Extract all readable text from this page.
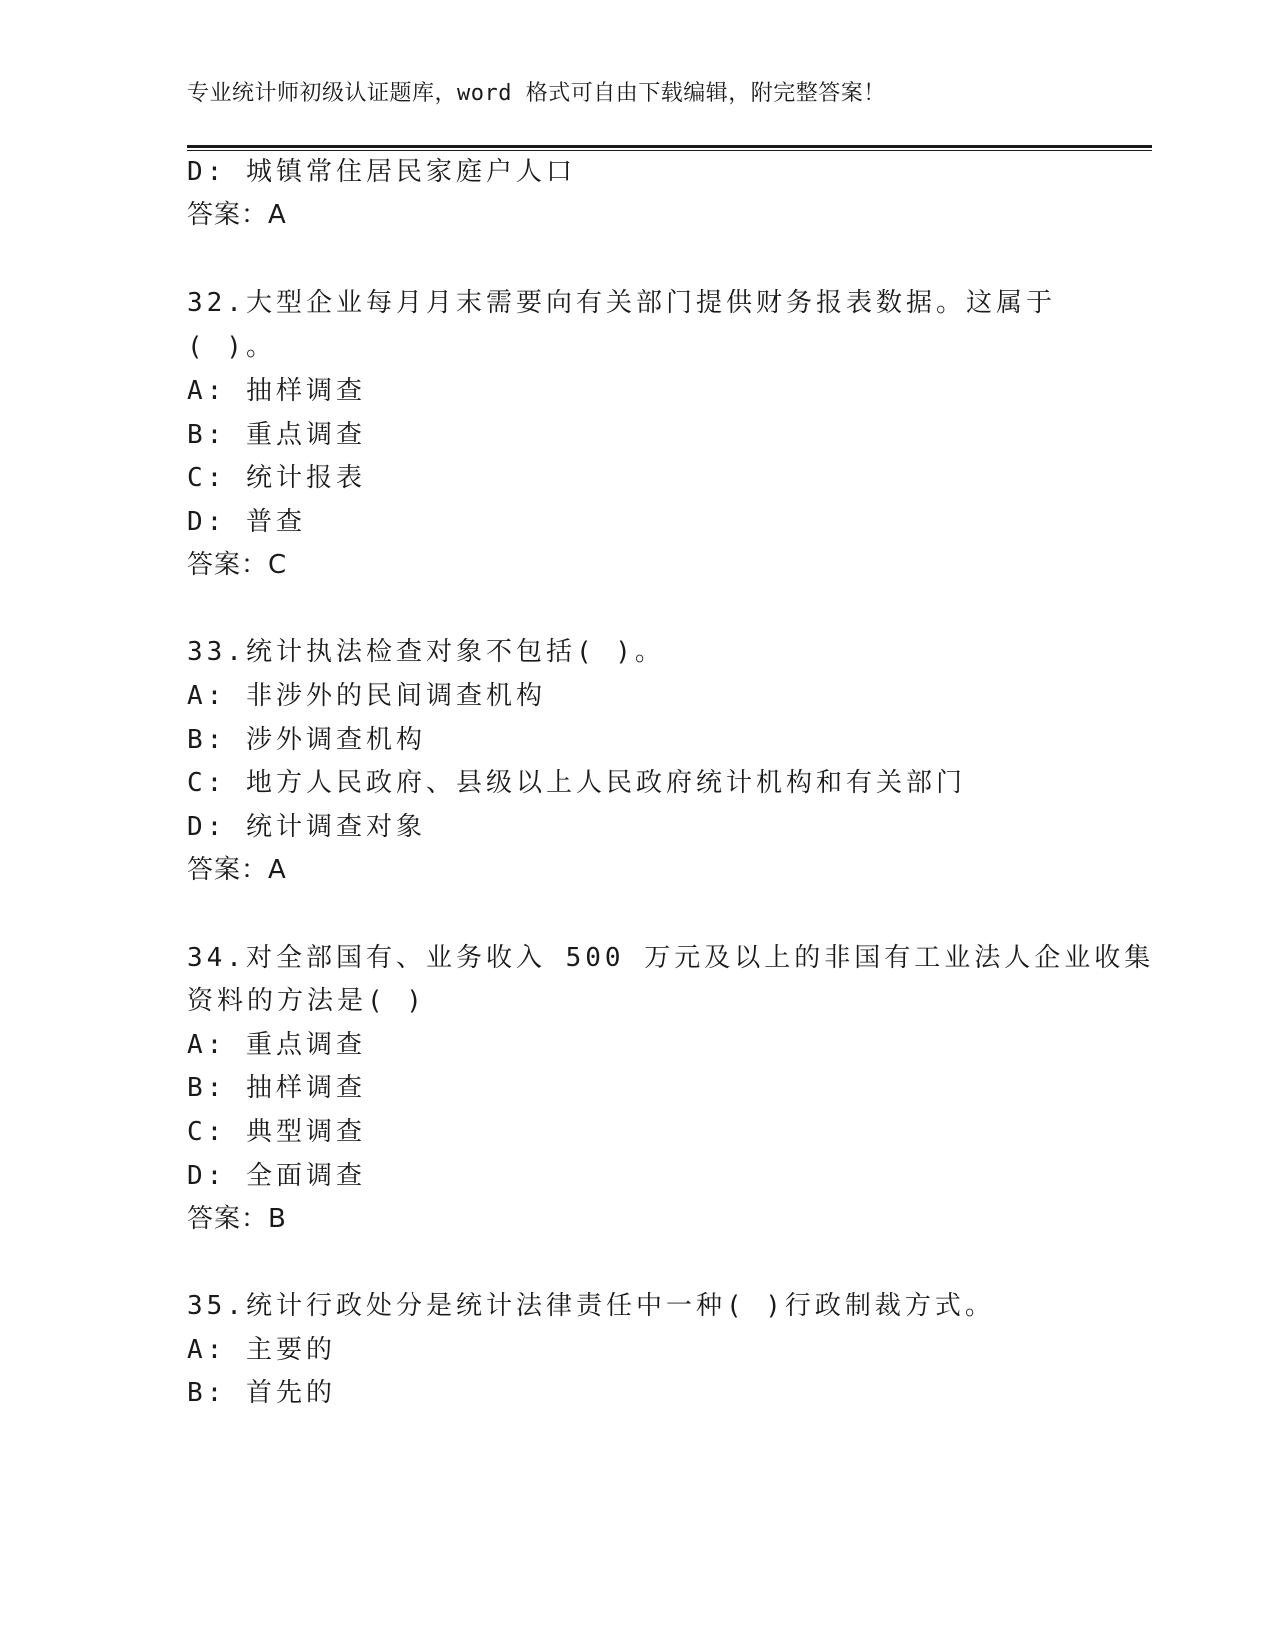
专业统计师初级认证题库，word 格式可自由下载编辑，附完整答案！
D: 城镇常住居民家庭户人口
答案：A
32.大型企业每月月末需要向有关部门提供财务报表数据。这属于
( )。
A: 抽样调查
B: 重点调查
C: 统计报表
D: 普查
答案：C
33.统计执法检查对象不包括( )。
A: 非涉外的民间调查机构
B: 涉外调查机构
C: 地方人民政府、县级以上人民政府统计机构和有关部门
D: 统计调查对象
答案：A
34.对全部国有、业务收入 500 万元及以上的非国有工业法人企业收集
资料的方法是( )
A: 重点调查
B: 抽样调查
C: 典型调查
D: 全面调查
答案：B
35.统计行政处分是统计法律责任中一种( )行政制裁方式。
A: 主要的
B: 首先的
